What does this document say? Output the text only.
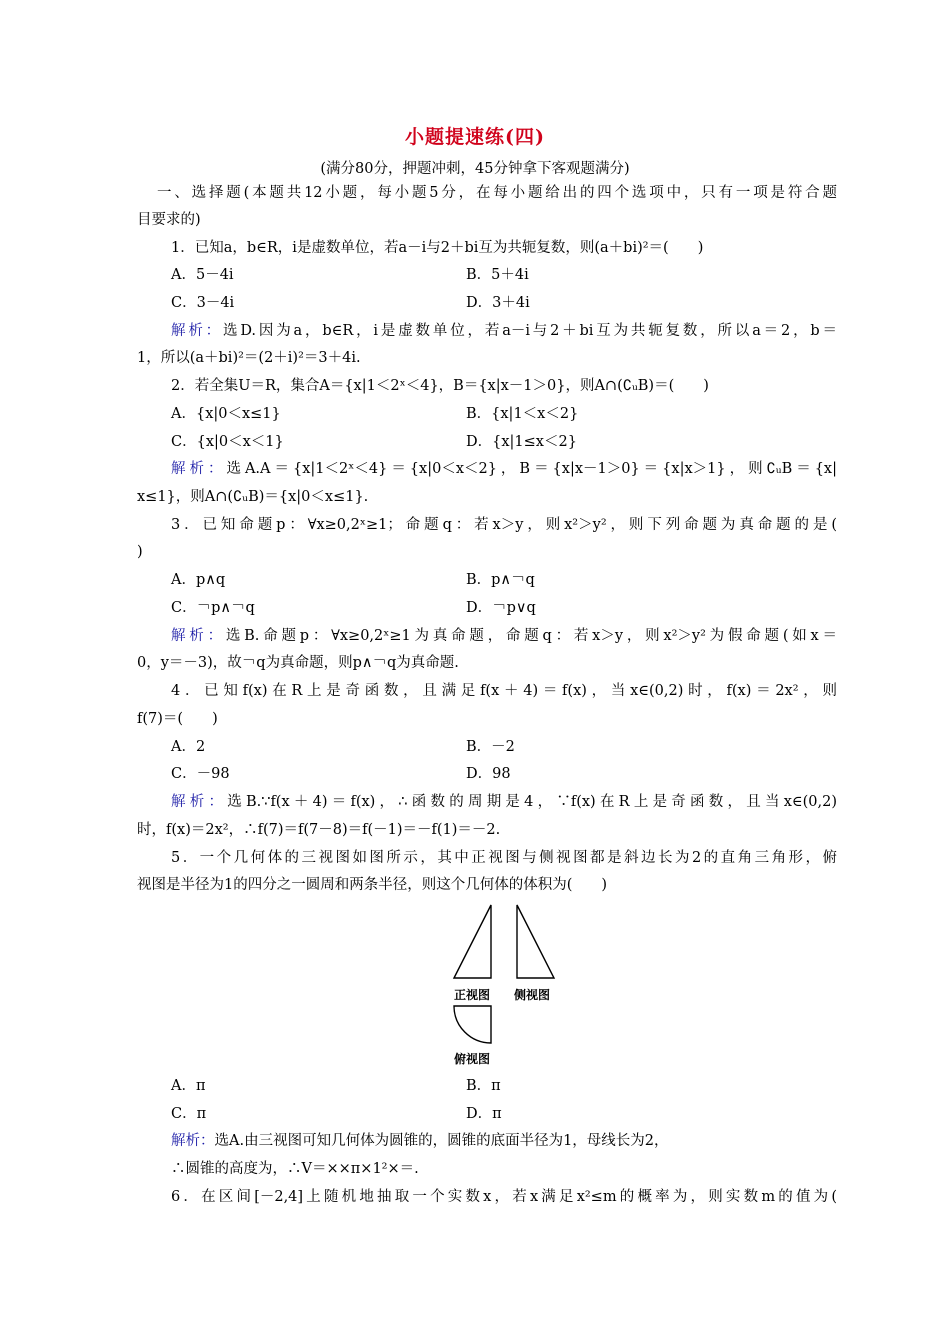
小题提速练(四)
(满分80分，押题冲刺，45分钟拿下客观题满分)
一、选择题(本题共12小题，每小题5分，在每小题给出的四个选项中，只有一项是符合题
目要求的)
1．已知a，b∈R，i是虚数单位，若a－i与2＋bi互为共轭复数，则(a＋bi)²＝(　　)
A．5－4i	B．5＋4i
C．3－4i	D．3＋4i
解析：选D.因为a，b∈R，i是虚数单位，若a－i与2＋bi互为共轭复数，所以a＝2，b＝
1，所以(a＋bi)²＝(2＋i)²＝3＋4i.
2．若全集U＝R，集合A＝{x|1＜2ˣ＜4}，B＝{x|x－1＞0}，则A∩(∁ᵤB)＝(　　)
A．{x|0＜x≤1}	B．{x|1＜x＜2}
C．{x|0＜x＜1}	D．{x|1≤x＜2}
解析：选A.A＝{x|1＜2ˣ＜4}＝{x|0＜x＜2}，B＝{x|x－1＞0}＝{x|x＞1}，则∁ᵤB＝{x|
x≤1}，则A∩(∁ᵤB)＝{x|0＜x≤1}.
3．已知命题p：∀x≥0,2ˣ≥1；命题q：若x＞y，则x²＞y²，则下列命题为真命题的是(
)
A．p∧q	B．p∧￢q
C．￢p∧￢q	D．￢p∨q
解析：选B.命题p：∀x≥0,2ˣ≥1为真命题，命题q：若x＞y，则x²＞y²为假命题(如x＝
0，y＝－3)，故￢q为真命题，则p∧￢q为真命题.
4．已知f(x)在R上是奇函数，且满足f(x＋4)＝f(x)，当x∈(0,2)时，f(x)＝2x²，则
f(7)＝(　　)
A．2	B．－2
C．－98	D．98
解析：选B.∵f(x＋4)＝f(x)，∴函数的周期是4，∵f(x)在R上是奇函数，且当x∈(0,2)
时，f(x)＝2x²，∴f(7)＝f(7－8)＝f(－1)＝－f(1)＝－2.
5．一个几何体的三视图如图所示，其中正视图与侧视图都是斜边长为2的直角三角形，俯
视图是半径为1的四分之一圆周和两条半径，则这个几何体的体积为(　　)
正视图 侧视图
俯视图
A．π	B．π
C．π	D．π
解析：选A.由三视图可知几何体为圆锥的，圆锥的底面半径为1，母线长为2，
∴圆锥的高度为，∴V＝××π×1²×＝.
6．在区间[－2,4]上随机地抽取一个实数x，若x满足x²≤m的概率为，则实数m的值为(
